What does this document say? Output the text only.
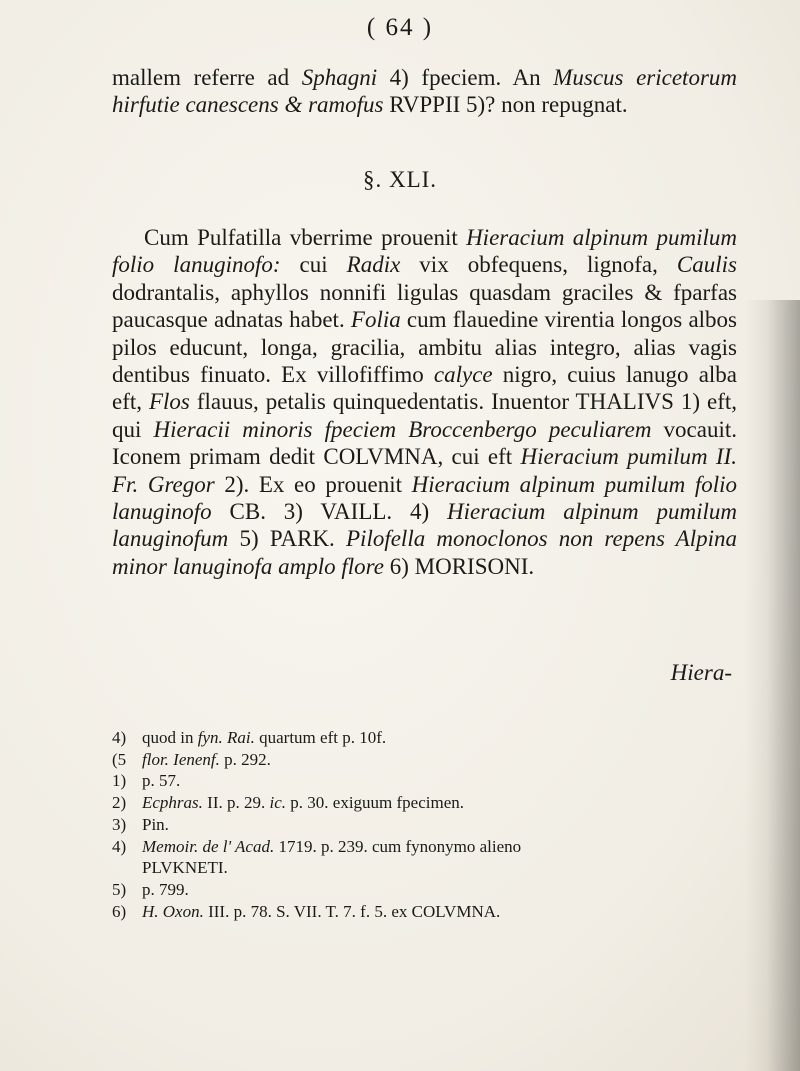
( 64 )
mallem referre ad Sphagni 4) fpeciem. An Muscus ericetorum hirfutie canescens & ramofus RVPPII 5)? non repugnat.
§. XLI.
Cum Pulfatilla vberrime prouenit Hieracium alpinum pumilum folio lanuginofo: cui Radix vix obfequens, lignofa, Caulis dodrantalis, aphyllos nonnifi ligulas quasdam graciles & fparfas paucasque adnatas habet. Folia cum flauedine virentia longos albos pilos educunt, longa, gracilia, ambitu alias integro, alias vagis dentibus finuato. Ex villofiffimo calyce nigro, cuius lanugo alba eft, Flos flauus, petalis quinquedentatis. Inuentor THALIVS 1) eft, qui Hieracii minoris fpeciem Broccenbergo peculiarem vocauit. Iconem primam dedit COLVMNA, cui eft Hieracium pumilum II. Fr. Gregor 2). Ex eo prouenit Hieracium alpinum pumilum folio lanuginofo CB. 3) VAILL. 4) Hieracium alpinum pumilum lanuginofum 5) PARK. Pilofella monoclonos non repens Alpina minor lanuginofa amplo flore 6) MORISONI.
Hiera-
4) quod in fyn. Rai. quartum eft p. 10f.
(5 flor. Ienenf. p. 292.
1) p. 57.
2) Ecphras. II. p. 29. ic. p. 30. exiguum fpecimen.
3) Pin.
4) Memoir. de l' Acad. 1719. p. 239. cum fynonymo alieno
PLVKNETI.
5) p. 799.
6) H. Oxon. III. p. 78. S. VII. T. 7. f. 5. ex COLVMNA.
